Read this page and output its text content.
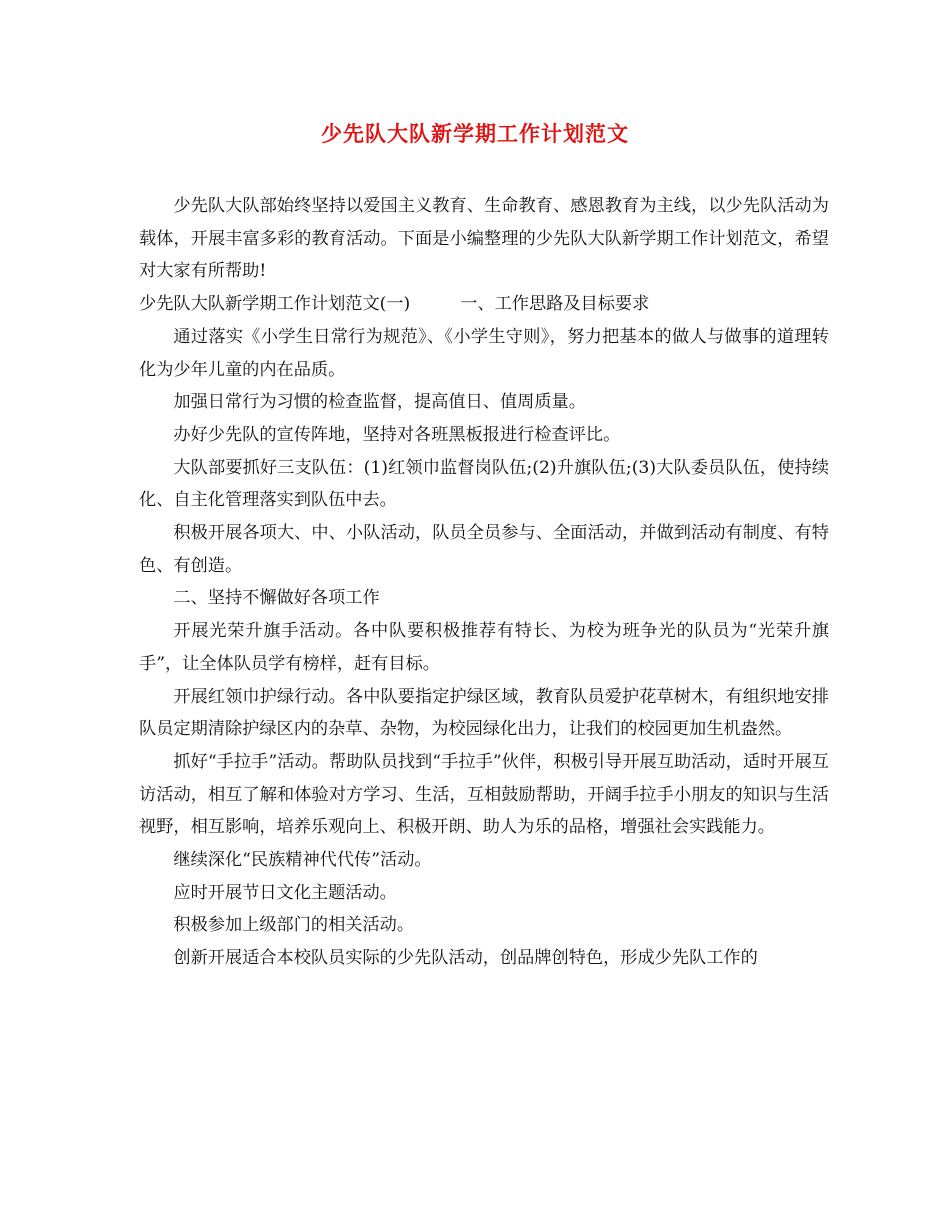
少先队大队新学期工作计划范文

少先队大队部始终坚持以爱国主义教育、生命教育、感恩教育为主线，以少先队活动为载体，开展丰富多彩的教育活动。下面是小编整理的少先队大队新学期工作计划范文，希望对大家有所帮助!

少先队大队新学期工作计划范文(一)	一、工作思路及目标要求

通过落实《小学生日常行为规范》、《小学生守则》，努力把基本的做人与做事的道理转化为少年儿童的内在品质。

加强日常行为习惯的检查监督，提高值日、值周质量。

办好少先队的宣传阵地，坚持对各班黑板报进行检查评比。

大队部要抓好三支队伍：(1)红领巾监督岗队伍;(2)升旗队伍;(3)大队委员队伍，使持续化、自主化管理落实到队伍中去。

积极开展各项大、中、小队活动，队员全员参与、全面活动，并做到活动有制度、有特色、有创造。

二、坚持不懈做好各项工作

开展光荣升旗手活动。各中队要积极推荐有特长、为校为班争光的队员为“光荣升旗手”，让全体队员学有榜样，赶有目标。

开展红领巾护绿行动。各中队要指定护绿区域，教育队员爱护花草树木，有组织地安排队员定期清除护绿区内的杂草、杂物，为校园绿化出力，让我们的校园更加生机盎然。

抓好“手拉手”活动。帮助队员找到“手拉手”伙伴，积极引导开展互助活动，适时开展互访活动，相互了解和体验对方学习、生活，互相鼓励帮助，开阔手拉手小朋友的知识与生活视野，相互影响，培养乐观向上、积极开朗、助人为乐的品格，增强社会实践能力。

继续深化“民族精神代代传”活动。

应时开展节日文化主题活动。

积极参加上级部门的相关活动。

创新开展适合本校队员实际的少先队活动，创品牌创特色，形成少先队工作的
